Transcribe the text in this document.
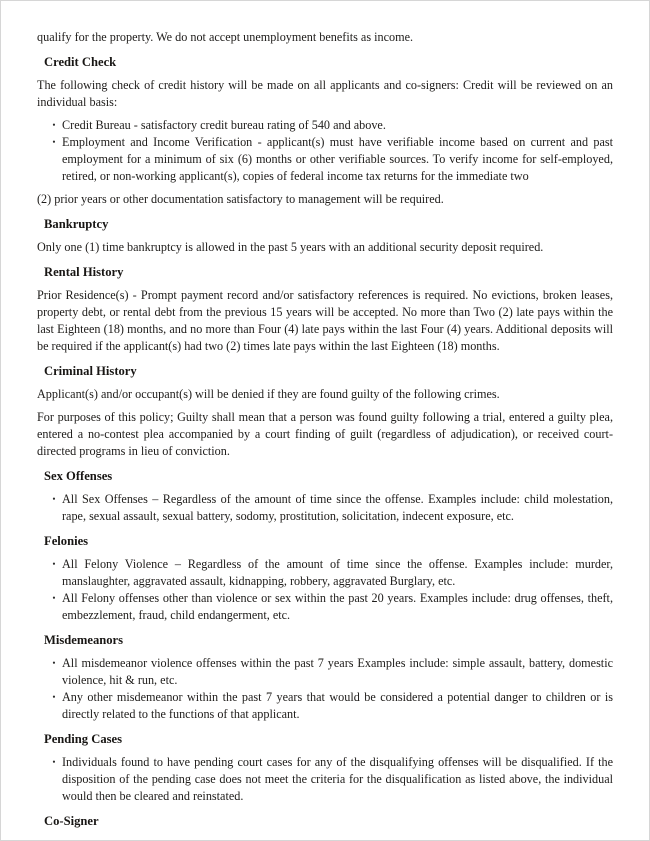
qualify for the property. We do not accept unemployment benefits as income.

Credit Check

The following check of credit history will be made on all applicants and co-signers: Credit will be reviewed on an individual basis:

•
Credit Bureau - satisfactory credit bureau rating of 540 and above.
•
Employment and Income Verification - applicant(s) must have verifiable income based on current and past employment for a minimum of six (6) months or other verifiable sources. To verify income for self-employed, retired, or non-working applicant(s), copies of federal income tax returns for the immediate two

(2) prior years or other documentation satisfactory to management will be required.

Bankruptcy

Only one (1) time bankruptcy is allowed in the past 5 years with an additional security deposit required.

Rental History

Prior Residence(s) - Prompt payment record and/or satisfactory references is required. No evictions, broken leases, property debt, or rental debt from the previous 15 years will be accepted. No more than Two (2) late pays within the last Eighteen (18) months, and no more than Four (4) late pays within the last Four (4) years. Additional deposits will be required if the applicant(s) had two (2) times late pays within the last Eighteen (18) months.

Criminal History

Applicant(s) and/or occupant(s) will be denied if they are found guilty of the following crimes.

For purposes of this policy; Guilty shall mean that a person was found guilty following a trial, entered a guilty plea, entered a no-contest plea accompanied by a court finding of guilt (regardless of adjudication), or received court-directed programs in lieu of conviction.

Sex Offenses
•
All Sex Offenses – Regardless of the amount of time since the offense. Examples include: child molestation, rape, sexual assault, sexual battery, sodomy, prostitution, solicitation, indecent exposure, etc.
Felonies
•
All Felony Violence – Regardless of the amount of time since the offense. Examples include: murder, manslaughter, aggravated assault, kidnapping, robbery, aggravated Burglary, etc.
•
All Felony offenses other than violence or sex within the past 20 years. Examples include: drug offenses, theft, embezzlement, fraud, child endangerment, etc.
Misdemeanors
•
All misdemeanor violence offenses within the past 7 years Examples include: simple assault, battery, domestic violence, hit & run, etc.
•
Any other misdemeanor within the past 7 years that would be considered a potential danger to children or is directly related to the functions of that applicant.
Pending Cases
•
Individuals found to have pending court cases for any of the disqualifying offenses will be disqualified. If the disposition of the pending case does not meet the criteria for the disqualification as listed above, the individual would then be cleared and reinstated.
Co-Signer
